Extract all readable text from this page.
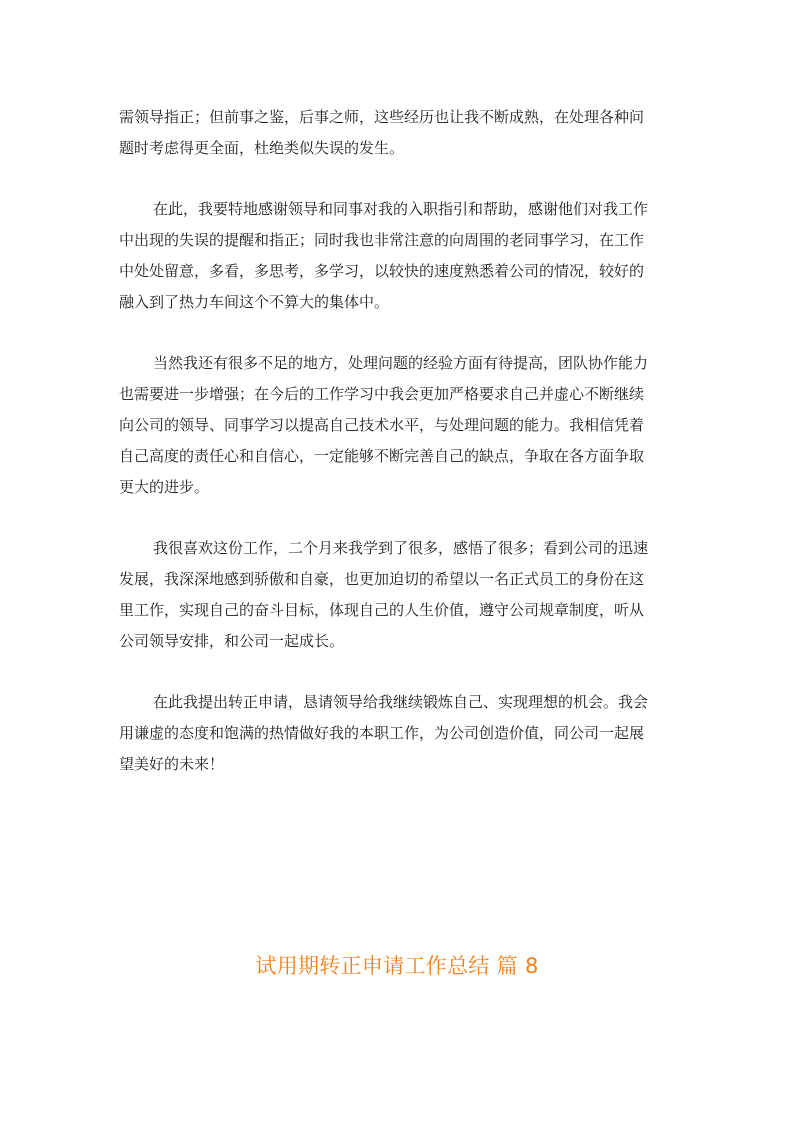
需领导指正；但前事之鉴，后事之师，这些经历也让我不断成熟，在处理各种问
题时考虑得更全面，杜绝类似失误的发生。
在此，我要特地感谢领导和同事对我的入职指引和帮助，感谢他们对我工作
中出现的失误的提醒和指正；同时我也非常注意的向周围的老同事学习，在工作
中处处留意，多看，多思考，多学习，以较快的速度熟悉着公司的情况，较好的
融入到了热力车间这个不算大的集体中。
当然我还有很多不足的地方，处理问题的经验方面有待提高，团队协作能力
也需要进一步增强；在今后的工作学习中我会更加严格要求自己并虚心不断继续
向公司的领导、同事学习以提高自己技术水平，与处理问题的能力。我相信凭着
自己高度的责任心和自信心，一定能够不断完善自己的缺点，争取在各方面争取
更大的进步。
我很喜欢这份工作，二个月来我学到了很多，感悟了很多；看到公司的迅速
发展，我深深地感到骄傲和自豪，也更加迫切的希望以一名正式员工的身份在这
里工作，实现自己的奋斗目标，体现自己的人生价值，遵守公司规章制度，听从
公司领导安排，和公司一起成长。
在此我提出转正申请，恳请领导给我继续锻炼自己、实现理想的机会。我会
用谦虚的态度和饱满的热情做好我的本职工作，为公司创造价值，同公司一起展
望美好的未来！
试用期转正申请工作总结 篇 8
